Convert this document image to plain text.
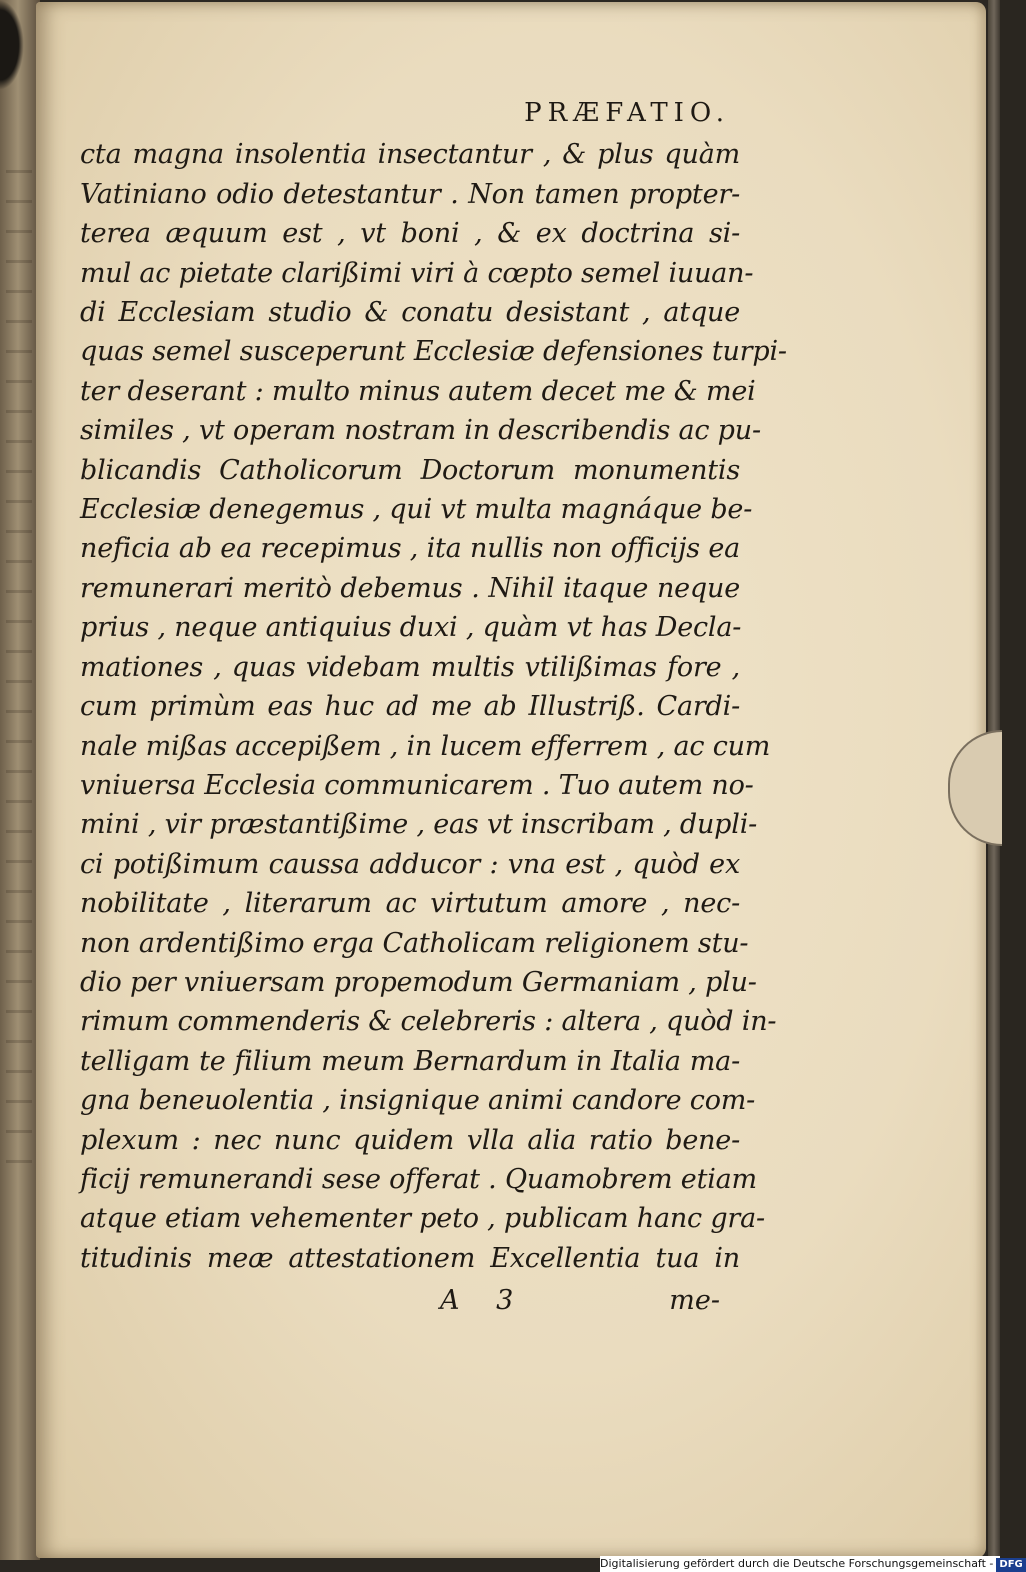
PRÆFATIO.
cta magna insolentia insectantur , & plus quàm
Vatiniano odio detestantur . Non tamen propter-
terea æquum est , vt boni , & ex doctrina si-
mul ac pietate clarißimi viri à cœpto semel iuuan-
di Ecclesiam studio & conatu desistant , atque
quas semel susceperunt Ecclesiæ defensiones turpi-
ter deserant : multo minus autem decet me & mei
similes , vt operam nostram in describendis ac pu-
blicandis Catholicorum Doctorum monumentis
Ecclesiæ denegemus , qui vt multa magnáque be-
neficia ab ea recepimus , ita nullis non officijs ea
remunerari meritò debemus . Nihil itaque neque
prius , neque antiquius duxi , quàm vt has Decla-
mationes , quas videbam multis vtilißimas fore ,
cum primùm eas huc ad me ab Illustriß. Cardi-
nale mißas accepißem , in lucem efferrem , ac cum
vniuersa Ecclesia communicarem . Tuo autem no-
mini , vir præstantißime , eas vt inscribam , dupli-
ci potißimum caussa adducor : vna est , quòd ex
nobilitate , literarum ac virtutum amore , nec-
non ardentißimo erga Catholicam religionem stu-
dio per vniuersam propemodum Germaniam , plu-
rimum commenderis & celebreris : altera , quòd in-
telligam te filium meum Bernardum in Italia ma-
gna beneuolentia , insignique animi candore com-
plexum : nec nunc quidem vlla alia ratio bene-
ficij remunerandi sese offerat . Quamobrem etiam
atque etiam vehementer peto , publicam hanc gra-
titudinis meæ attestationem Excellentia tua in
A 3	me-
Digitalisierung gefördert durch die Deutsche Forschungsgemeinschaft - DFG
